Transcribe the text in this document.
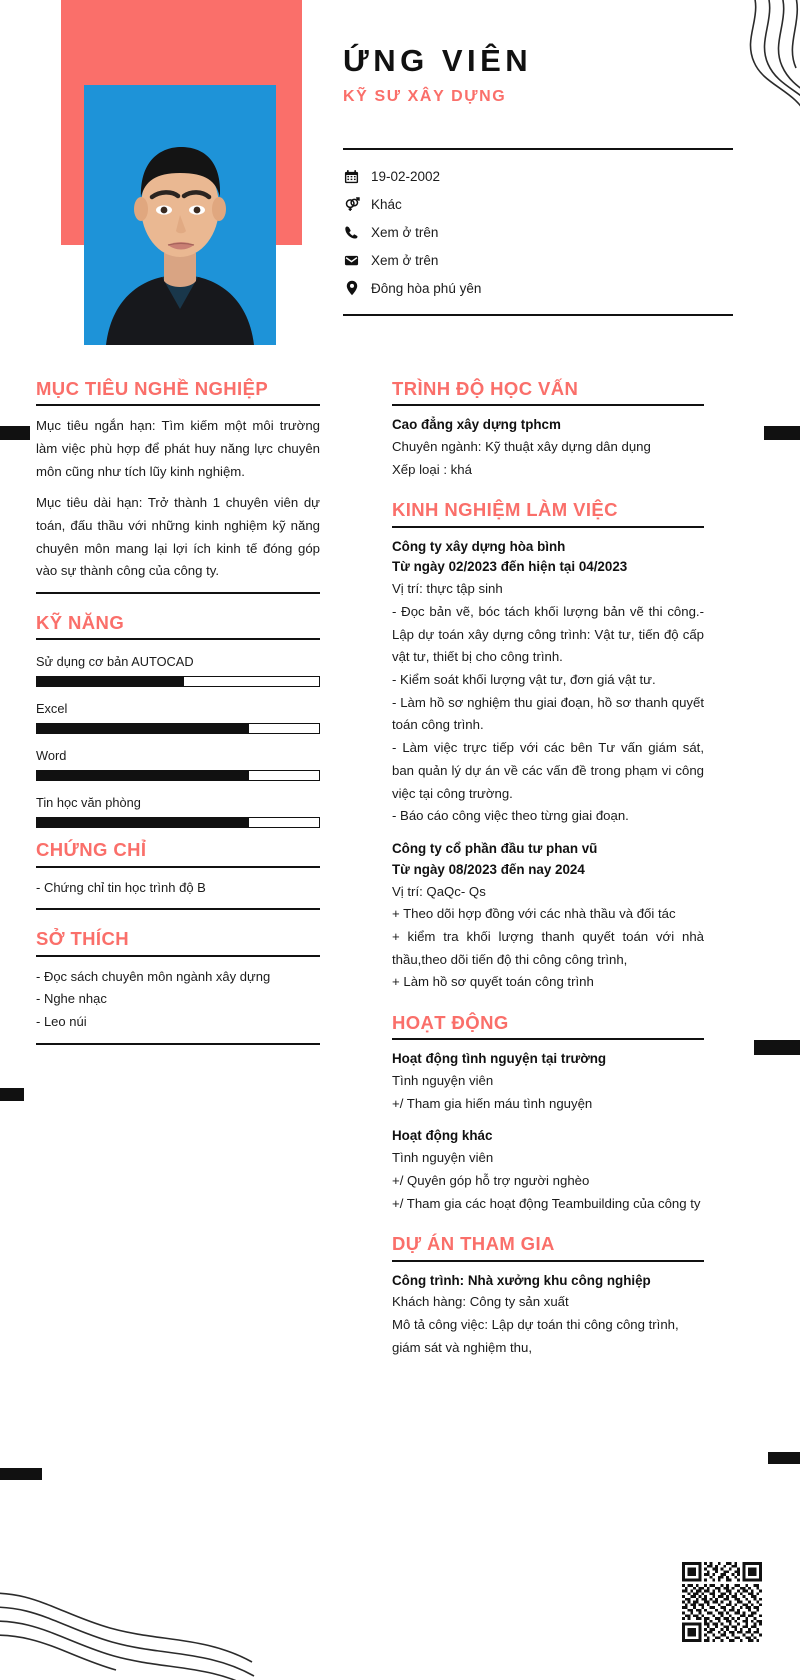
ỨNG VIÊN
KỸ SƯ XÂY DỰNG
19-02-2002
Khác
Xem ở trên
Xem ở trên
Đông hòa phú yên
MỤC TIÊU NGHỀ NGHIỆP
Mục tiêu ngắn hạn: Tìm kiếm một môi trường làm việc phù hợp để phát huy năng lực chuyên môn cũng như tích lũy kinh nghiệm.
Mục tiêu dài hạn: Trở thành 1 chuyên viên dự toán, đấu thầu với những kinh nghiệm kỹ năng chuyên môn mang lại lợi ích kinh tế đóng góp vào sự thành công của công ty.
KỸ NĂNG
Sử dụng cơ bản AUTOCAD
Excel
Word
Tin học văn phòng
CHỨNG CHỈ
- Chứng chỉ tin học trình độ B
SỞ THÍCH
- Đọc sách chuyên môn ngành xây dựng
- Nghe nhạc
- Leo núi
TRÌNH ĐỘ HỌC VẤN
Cao đẳng xây dựng tphcm
Chuyên ngành: Kỹ thuật xây dựng dân dụng
Xếp loại : khá
KINH NGHIỆM LÀM VIỆC
Công ty xây dựng hòa bình
Từ ngày 02/2023 đến hiện tại 04/2023
Vị trí: thực tập sinh
- Đọc bản vẽ, bóc tách khối lượng bản vẽ thi công.- Lập dự toán xây dựng công trình: Vật tư, tiến độ cấp vật tư, thiết bị cho công trình.
- Kiểm soát khối lượng vật tư, đơn giá vật tư.
- Làm hồ sơ nghiệm thu giai đoạn, hồ sơ thanh quyết toán công trình.
- Làm việc trực tiếp với các bên Tư vấn giám sát, ban quản lý dự án về các vấn đề trong phạm vi công việc tại công trường.
- Báo cáo công việc theo từng giai đoạn.
Công ty cổ phần đầu tư phan vũ
Từ ngày 08/2023 đến nay 2024
Vị trí: QaQc- Qs
+ Theo dõi hợp đồng với các nhà thầu và đối tác
+ kiểm tra khối lượng thanh quyết toán với nhà thầu,theo dõi tiến độ thi công công trình,
+ Làm hồ sơ quyết toán công trình
HOẠT ĐỘNG
Hoạt động tình nguyện tại trường
Tình nguyện viên
+/ Tham gia hiến máu tình nguyện
Hoạt động khác
Tình nguyện viên
+/ Quyên góp hỗ trợ người nghèo
+/ Tham gia các hoạt động Teambuilding của công ty
DỰ ÁN THAM GIA
Công trình: Nhà xưởng khu công nghiệp
Khách hàng: Công ty sản xuất
Mô tả công việc: Lập dự toán thi công công trình, giám sát và nghiệm thu,
